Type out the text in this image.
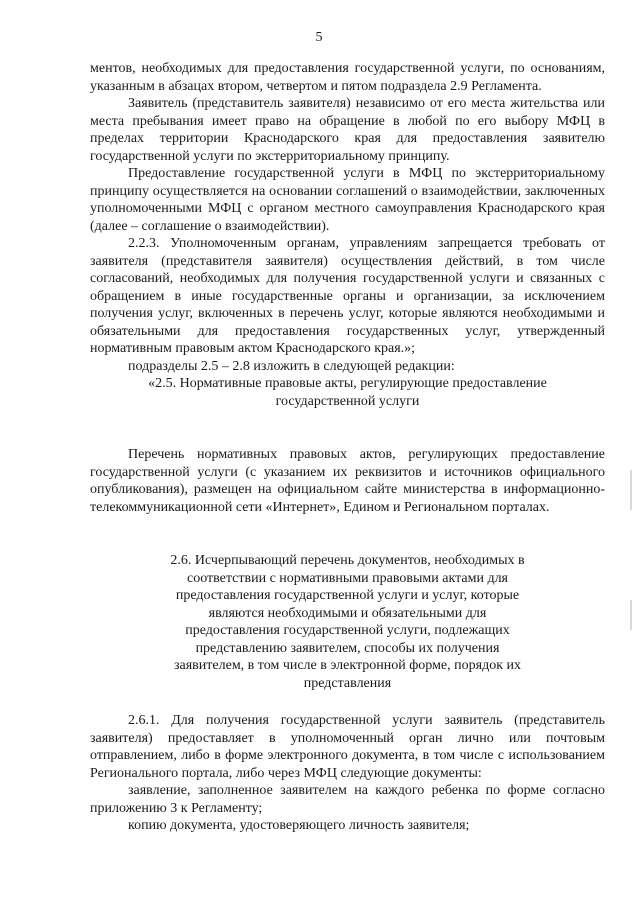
5

ментов, необходимых для предоставления государственной услуги, по основаниям, указанным в абзацах втором, четвертом и пятом подраздела 2.9 Регламента.

Заявитель (представитель заявителя) независимо от его места жительства или места пребывания имеет право на обращение в любой по его выбору МФЦ в пределах территории Краснодарского края для предоставления заявителю государственной услуги по экстерриториальному принципу.

Предоставление государственной услуги в МФЦ по экстерриториальному принципу осуществляется на основании соглашений о взаимодействии, заключенных уполномоченными МФЦ с органом местного самоуправления Краснодарского края (далее – соглашение о взаимодействии).

2.2.3. Уполномоченным органам, управлениям запрещается требовать от заявителя (представителя заявителя) осуществления действий, в том числе согласований, необходимых для получения государственной услуги и связанных с обращением в иные государственные органы и организации, за исключением получения услуг, включенных в перечень услуг, которые являются необходимыми и обязательными для предоставления государственных услуг, утвержденный нормативным правовым актом Краснодарского края.»;

подразделы 2.5 – 2.8 изложить в следующей редакции:

«2.5. Нормативные правовые акты, регулирующие предоставление государственной услуги

Перечень нормативных правовых актов, регулирующих предоставление государственной услуги (с указанием их реквизитов и источников официального опубликования), размещен на официальном сайте министерства в информационно-телекоммуникационной сети «Интернет», Едином и Региональном порталах.

2.6. Исчерпывающий перечень документов, необходимых в соответствии с нормативными правовыми актами для предоставления государственной услуги и услуг, которые являются необходимыми и обязательными для предоставления государственной услуги, подлежащих представлению заявителем, способы их получения заявителем, в том числе в электронной форме, порядок их представления

2.6.1. Для получения государственной услуги заявитель (представитель заявителя) предоставляет в уполномоченный орган лично или почтовым отправлением, либо в форме электронного документа, в том числе с использованием Регионального портала, либо через МФЦ следующие документы:

заявление, заполненное заявителем на каждого ребенка по форме согласно приложению 3 к Регламенту;

копию документа, удостоверяющего личность заявителя;
